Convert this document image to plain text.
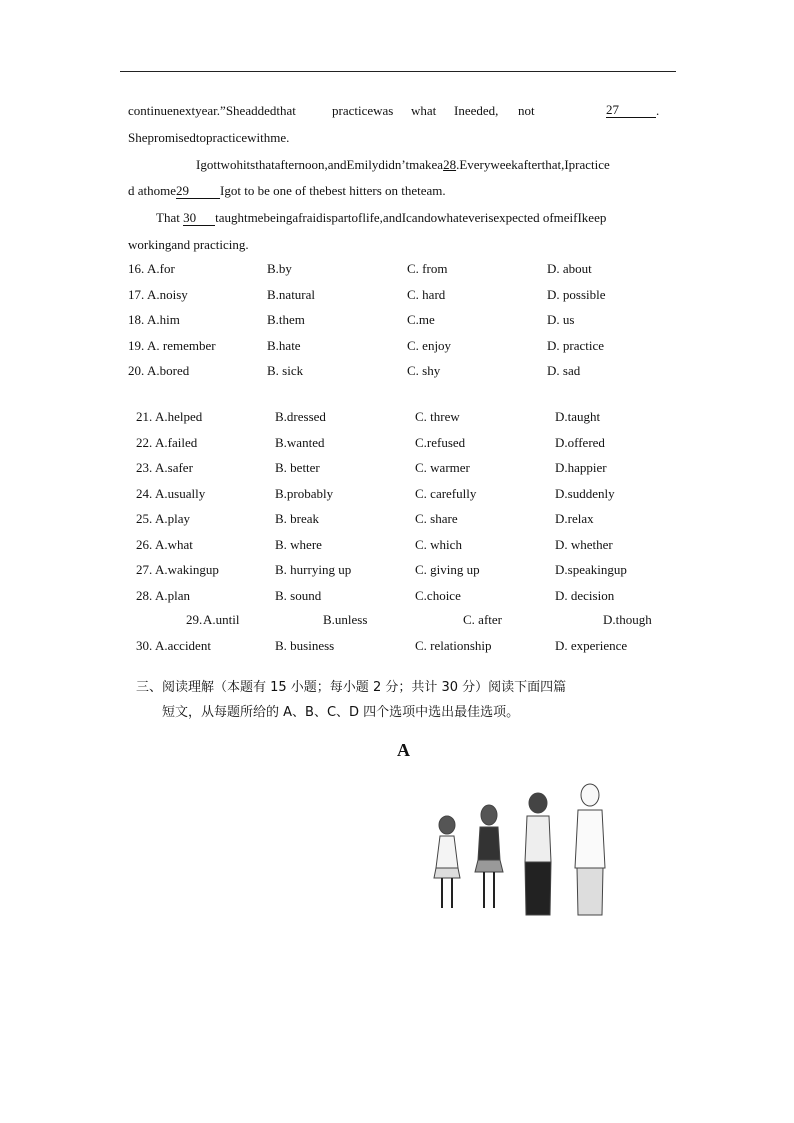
continuenextyear.”Sheaddedthat	practicewas what Ineeded, not	27	.
Shepromisedtopracticewithme.
Igottwohitsthatafternoon,andEmilydidn’tmakea28.Everyweekafterthat,Ipractice
d athome29 Igot to be one of thebest hitters on theteam.
That 30 taughtmebeingafraidispartoflife,andIcandowhateverisexpected ofmeifIkeep
workingand practicing.
16. A.for	B.by	C. from	D. about
17. A.noisy	B.natural	C. hard	D. possible
18. A.him	B.them	C.me	D. us
19. A. remember	B.hate	C. enjoy	D. practice
20. A.bored	B. sick	C. shy	D. sad
21. A.helped	B.dressed	C. threw	D.taught
22. A.failed	B.wanted	C.refused	D.offered
23. A.safer	B. better	C. warmer	D.happier
24. A.usually	B.probably	C. carefully	D.suddenly
25. A.play	B. break	C. share	D.relax
26. A.what	B. where	C. which	D. whether
27. A.wakingup	B. hurrying up	C. giving up	D.speakingup
28. A.plan	B. sound	C.choice	D. decision
29. A.until	B.unless	C. after	D.though
30. A.accident	B. business	C. relationship	D. experience
三、阅读理解（本题有 15 小题；每小题 2 分；共计 30 分）阅读下面四篇
短文，从每题所给的 A、B、C、D 四个选项中选出最佳选项。
A
